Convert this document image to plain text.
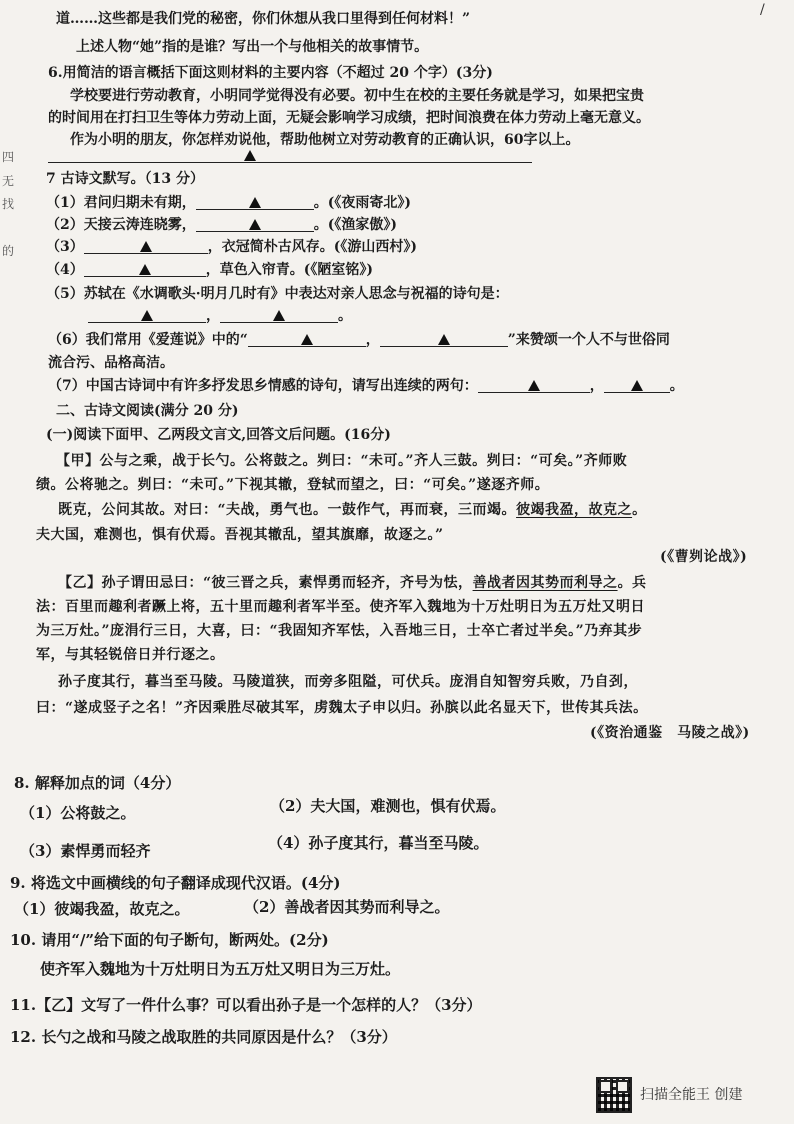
/
四
无
找
的
道……这些都是我们党的秘密，你们休想从我口里得到任何材料！”
上述人物“她”指的是谁？写出一个与他相关的故事情节。
6.用简洁的语言概括下面这则材料的主要内容（不超过 20 个字）(3分)
学校要进行劳动教育，小明同学觉得没有必要。初中生在校的主要任务就是学习，如果把宝贵
的时间用在打扫卫生等体力劳动上面，无疑会影响学习成绩，把时间浪费在体力劳动上毫无意义。
作为小明的朋友，你怎样劝说他，帮助他树立对劳动教育的正确认识，60字以上。
7 古诗文默写。（13 分）
（1）君问归期未有期，	。(《夜雨寄北》)
（2）天接云涛连晓雾，	。(《渔家傲》)
（3）	，衣冠简朴古风存。(《游山西村》)
（4）	，草色入帘青。(《陋室铭》)
（5）苏轼在《水调歌头·明月几时有》中表达对亲人思念与祝福的诗句是：
，	。
（6）我们常用《爱莲说》中的“	，	”来赞颂一个人不与世俗同
流合污、品格高洁。
（7）中国古诗词中有许多抒发思乡情感的诗句，请写出连续的两句：	，	。
二、古诗文阅读(满分 20 分)
(一)阅读下面甲、乙两段文言文,回答文后问题。(16分)
【甲】公与之乘，战于长勺。公将鼓之。刿曰：“未可。”齐人三鼓。刿曰：“可矣。”齐师败
绩。公将驰之。刿曰：“未可。”下视其辙，登轼而望之，曰：“可矣。”遂逐齐师。
既克，公问其故。对曰：“夫战，勇气也。一鼓作气，再而衰，三而竭。彼竭我盈，故克之。
夫大国，难测也，惧有伏焉。吾视其辙乱，望其旗靡，故逐之。”
(《曹刿论战》)
【乙】孙子谓田忌曰：“彼三晋之兵，素悍勇而轻齐，齐号为怯，善战者因其势而利导之。兵
法：百里而趣利者蹶上将，五十里而趣利者军半至。使齐军入魏地为十万灶明日为五万灶又明日
为三万灶。”庞涓行三日，大喜，曰：“我固知齐军怯，入吾地三日，士卒亡者过半矣。”乃弃其步
军，与其轻锐倍日并行逐之。
孙子度其行，暮当至马陵。马陵道狭，而旁多阻隘，可伏兵。庞涓自知智穷兵败，乃自刭，
曰：“遂成竖子之名！”齐因乘胜尽破其军，虏魏太子申以归。孙膑以此名显天下，世传其兵法。
(《资治通鉴　马陵之战》)
8. 解释加点的词（4分）
（1）公将鼓之。	（2）夫大国，难测也，惧有伏焉。
（3）素悍勇而轻齐	（4）孙子度其行，暮当至马陵。
9. 将选文中画横线的句子翻译成现代汉语。(4分)
（1）彼竭我盈，故克之。	（2）善战者因其势而利导之。
10. 请用“/”给下面的句子断句，断两处。(2分)
使齐军入魏地为十万灶明日为五万灶又明日为三万灶。
11.【乙】文写了一件什么事？可以看出孙子是一个怎样的人？（3分）
12. 长勺之战和马陵之战取胜的共同原因是什么？（3分）
扫描全能王 创建
